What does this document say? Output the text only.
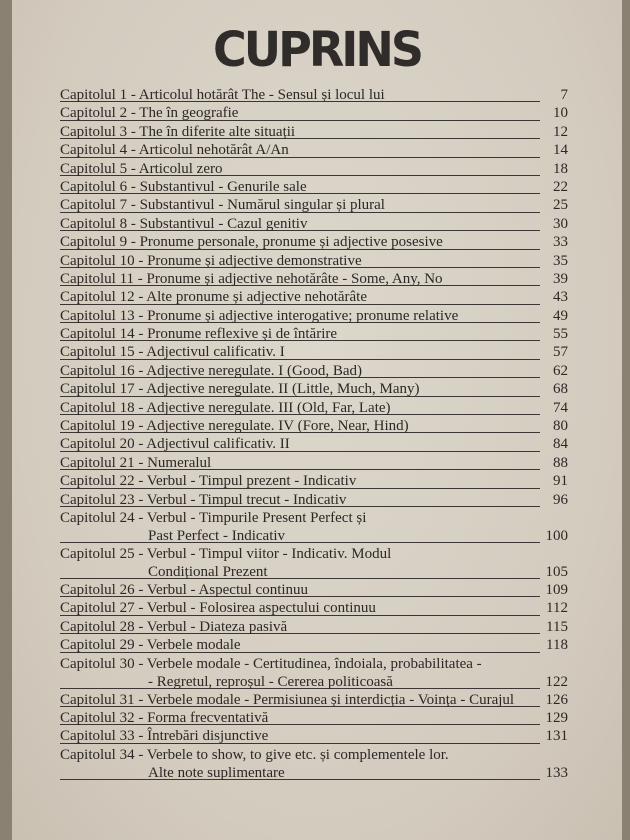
CUPRINS
Capitolul 1 - Articolul hotărât The - Sensul și locul lui	7
Capitolul 2 - The în geografie	10
Capitolul 3 - The în diferite alte situații	12
Capitolul 4 - Articolul nehotărât A/An	14
Capitolul 5 - Articolul zero	18
Capitolul 6 - Substantivul - Genurile sale	22
Capitolul 7 - Substantivul - Numărul singular și plural	25
Capitolul 8 - Substantivul - Cazul genitiv	30
Capitolul 9 - Pronume personale, pronume și adjective posesive	33
Capitolul 10 - Pronume și adjective demonstrative	35
Capitolul 11 - Pronume și adjective nehotărâte - Some, Any, No	39
Capitolul 12 - Alte pronume și adjective nehotărâte	43
Capitolul 13 - Pronume și adjective interogative; pronume relative	49
Capitolul 14 - Pronume reflexive și de întărire	55
Capitolul 15 - Adjectivul calificativ. I	57
Capitolul 16 - Adjective neregulate. I (Good, Bad)	62
Capitolul 17 - Adjective neregulate. II (Little, Much, Many)	68
Capitolul 18 - Adjective neregulate. III (Old, Far, Late)	74
Capitolul 19 - Adjective neregulate. IV (Fore, Near, Hind)	80
Capitolul 20 - Adjectivul calificativ. II	84
Capitolul 21 - Numeralul	88
Capitolul 22 - Verbul - Timpul prezent - Indicativ	91
Capitolul 23 - Verbul - Timpul trecut - Indicativ	96
Capitolul 24 - Verbul - Timpurile Present Perfect și
Past Perfect - Indicativ	100
Capitolul 25 - Verbul - Timpul viitor - Indicativ. Modul
Condițional Prezent	105
Capitolul 26 - Verbul - Aspectul continuu	109
Capitolul 27 - Verbul - Folosirea aspectului continuu	112
Capitolul 28 - Verbul - Diateza pasivă	115
Capitolul 29 - Verbele modale	118
Capitolul 30 - Verbele modale - Certitudinea, îndoiala, probabilitatea -
- Regretul, reproșul - Cererea politicoasă	122
Capitolul 31 - Verbele modale - Permisiunea și interdicția - Voința - Curajul 126
Capitolul 32 - Forma frecventativă	129
Capitolul 33 - Întrebări disjunctive	131
Capitolul 34 - Verbele to show, to give etc. și complementele lor.
Alte note suplimentare	133
